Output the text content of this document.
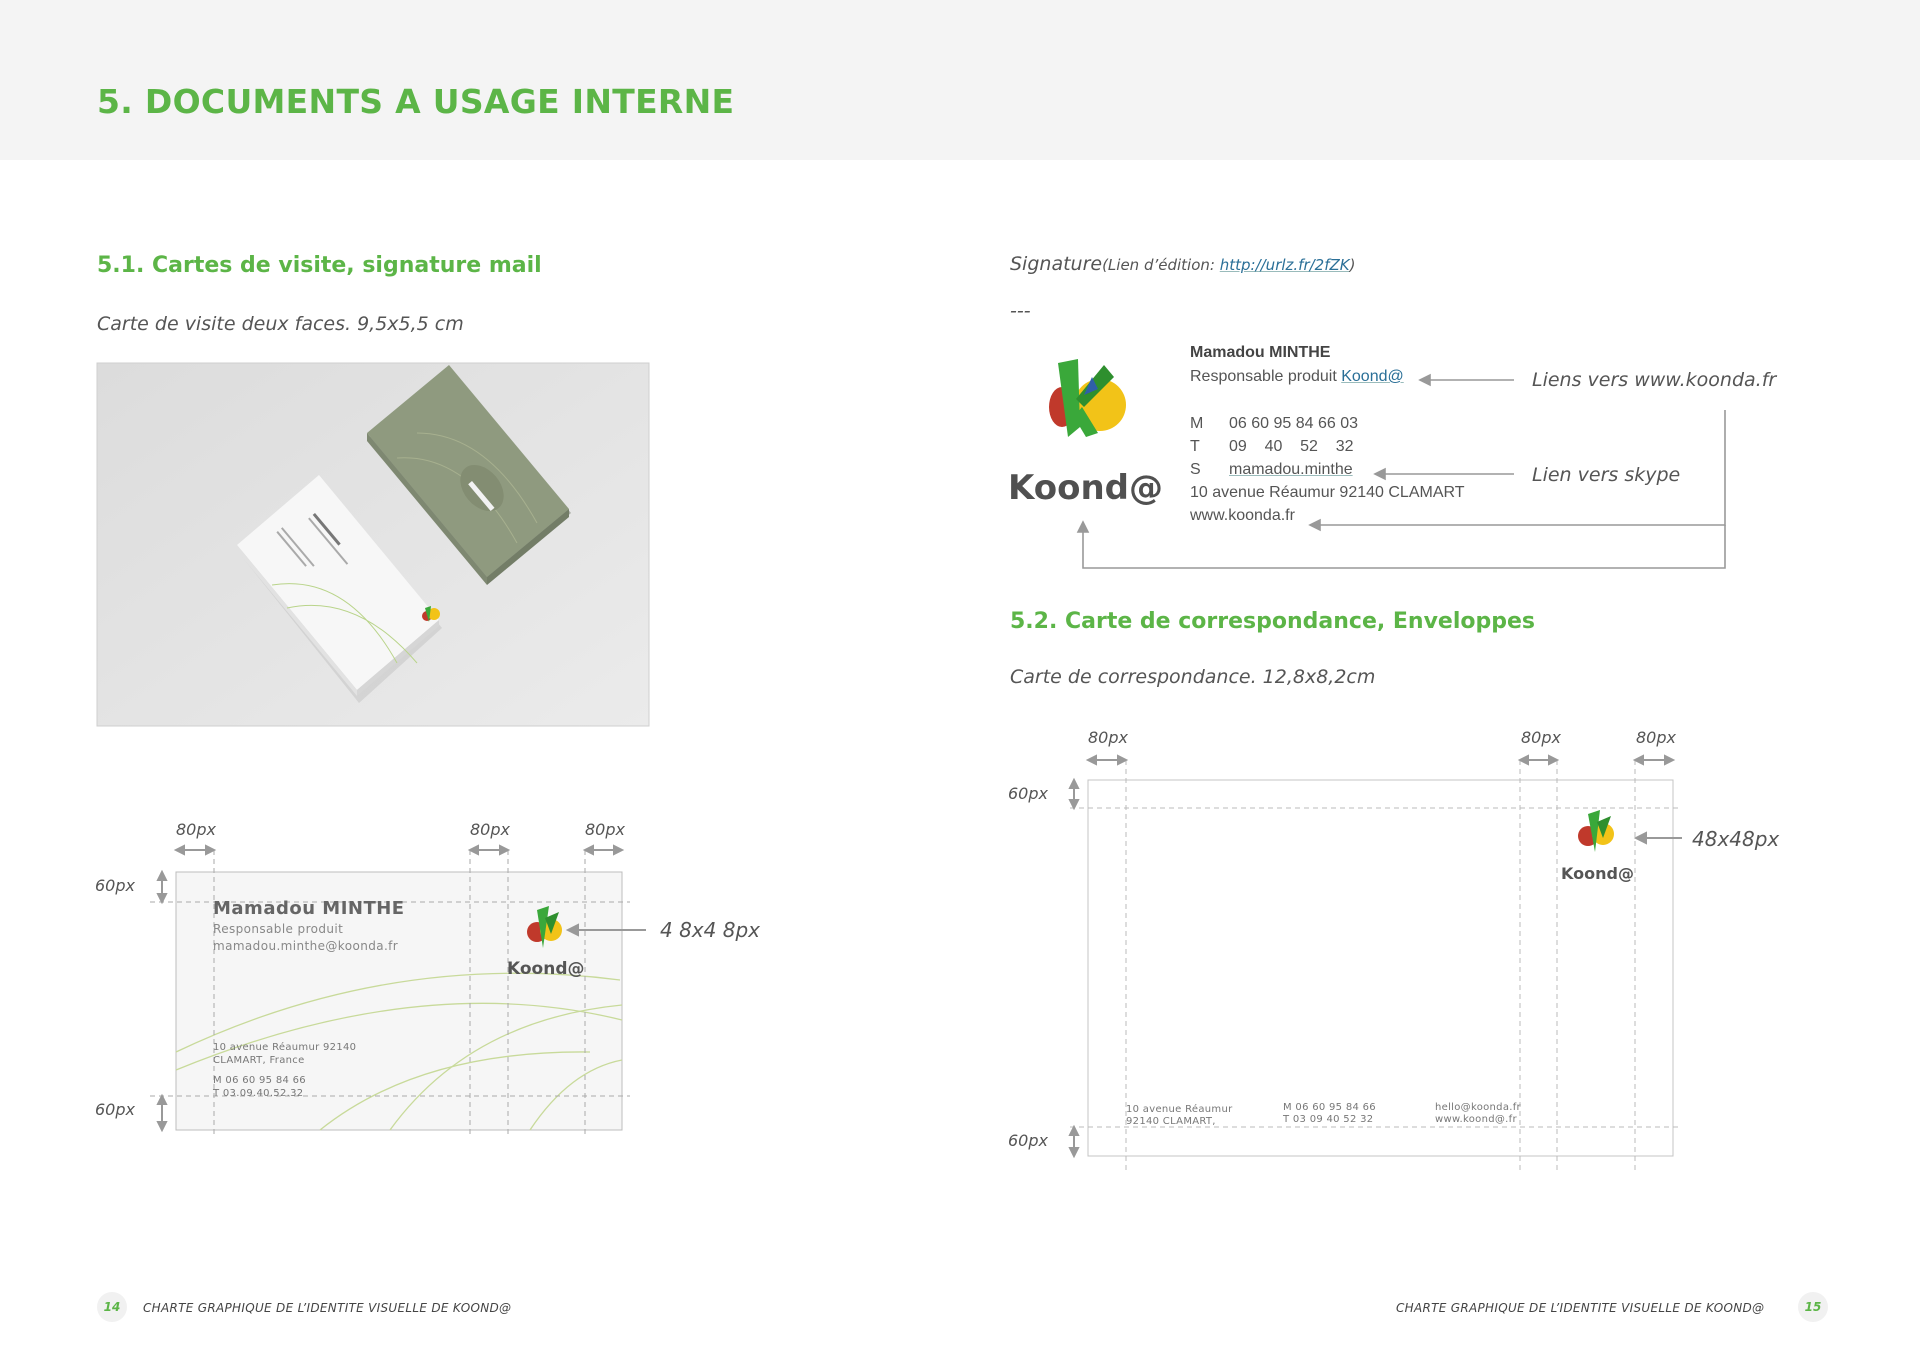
5. DOCUMENTS A USAGE INTERNE
5.1. Cartes de visite, signature mail
Carte de visite deux faces. 9,5x5,5 cm
80px	80px	80px
60px
60px
4 8x4 8px
Mamadou MINTHE
Responsable produit
mamadou.minthe@koonda.fr
Koond@
10 avenue Réaumur 92140
CLAMART, France
M 06 60 95 84 66
T 03.09.40.52.32
14	CHARTE GRAPHIQUE DE L’IDENTITE VISUELLE DE KOOND@
Signature(Lien d’édition: http://urlz.fr/2fZK)
---
Koond@
Mamadou MINTHE
Responsable produit Koond@
M 06 60 95 84 66 03
T 09    40    52    32
S mamadou.minthe
10 avenue Réaumur 92140 CLAMART
www.koonda.fr
Liens vers www.koonda.fr
Lien vers skype
5.2. Carte de correspondance, Enveloppes
Carte de correspondance. 12,8x8,2cm
80px	80px	80px
60px
60px
48x48px
Koond@
10 avenue Réaumur
92140 CLAMART,
M 06 60 95 84 66
T 03 09 40 52 32
hello@koonda.fr
www.koond@.fr
CHARTE GRAPHIQUE DE L’IDENTITE VISUELLE DE KOOND@	15
